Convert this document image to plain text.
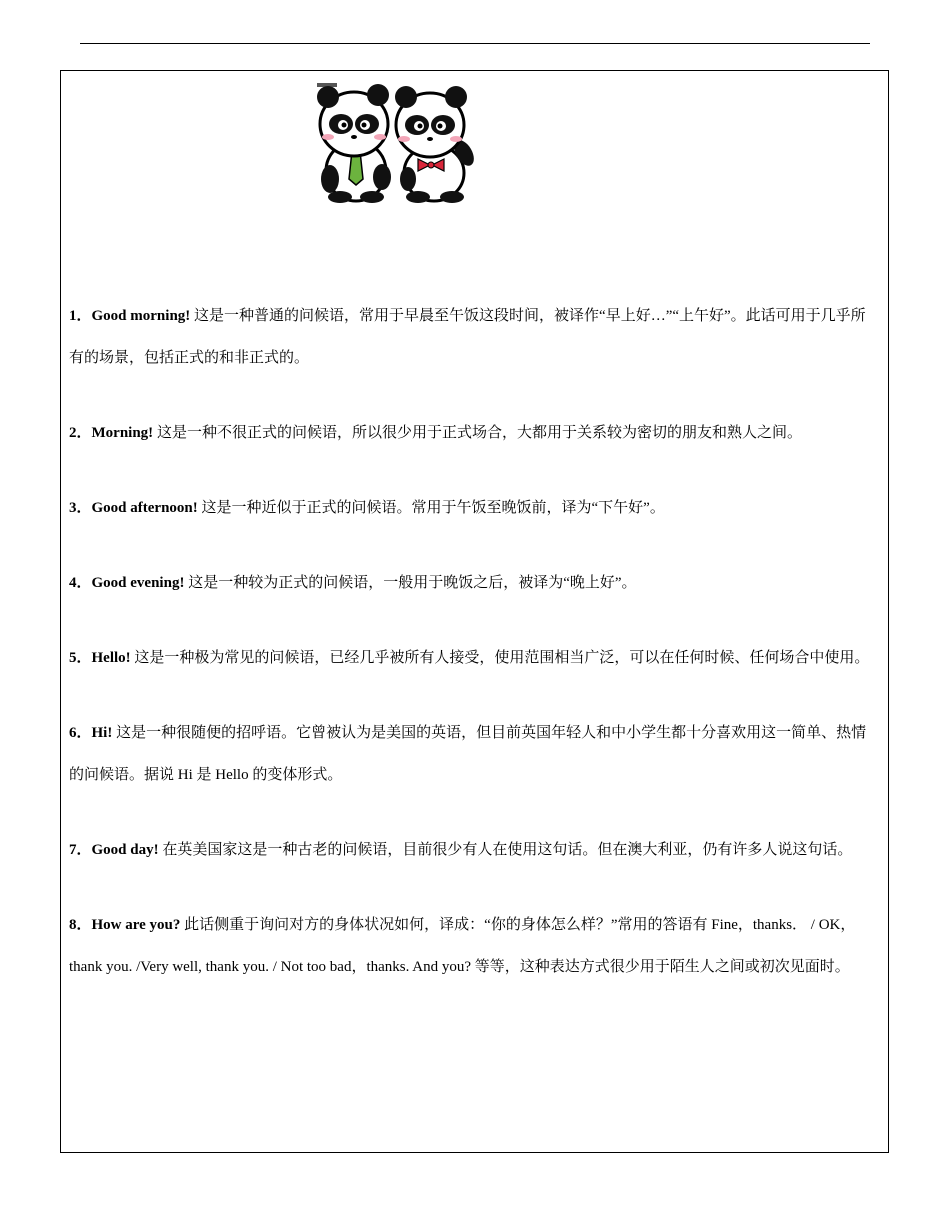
1．Good morning! 这是一种普通的问候语，常用于早晨至午饭这段时间，被译作“早上好…”“上午好”。此话可用于几乎所有的场景，包括正式的和非正式的。

2．Morning! 这是一种不很正式的问候语，所以很少用于正式场合，大都用于关系较为密切的朋友和熟人之间。

3．Good afternoon! 这是一种近似于正式的问候语。常用于午饭至晚饭前，译为“下午好”。

4．Good evening! 这是一种较为正式的问候语，一般用于晚饭之后，被译为“晚上好”。

5．Hello! 这是一种极为常见的问候语，已经几乎被所有人接受，使用范围相当广泛，可以在任何时候、任何场合中使用。

6．Hi! 这是一种很随便的招呼语。它曾被认为是美国的英语，但目前英国年轻人和中小学生都十分喜欢用这一简单、热情的问候语。据说 Hi 是 Hello 的变体形式。

7．Good day! 在英美国家这是一种古老的问候语，目前很少有人在使用这句话。但在澳大利亚，仍有许多人说这句话。

8．How are you? 此话侧重于询问对方的身体状况如何，译成：“你的身体怎么样？”常用的答语有 Fine，thanks． / OK，thank you. /Very well, thank you. / Not too bad，thanks. And you? 等等，这种表达方式很少用于陌生人之间或初次见面时。
